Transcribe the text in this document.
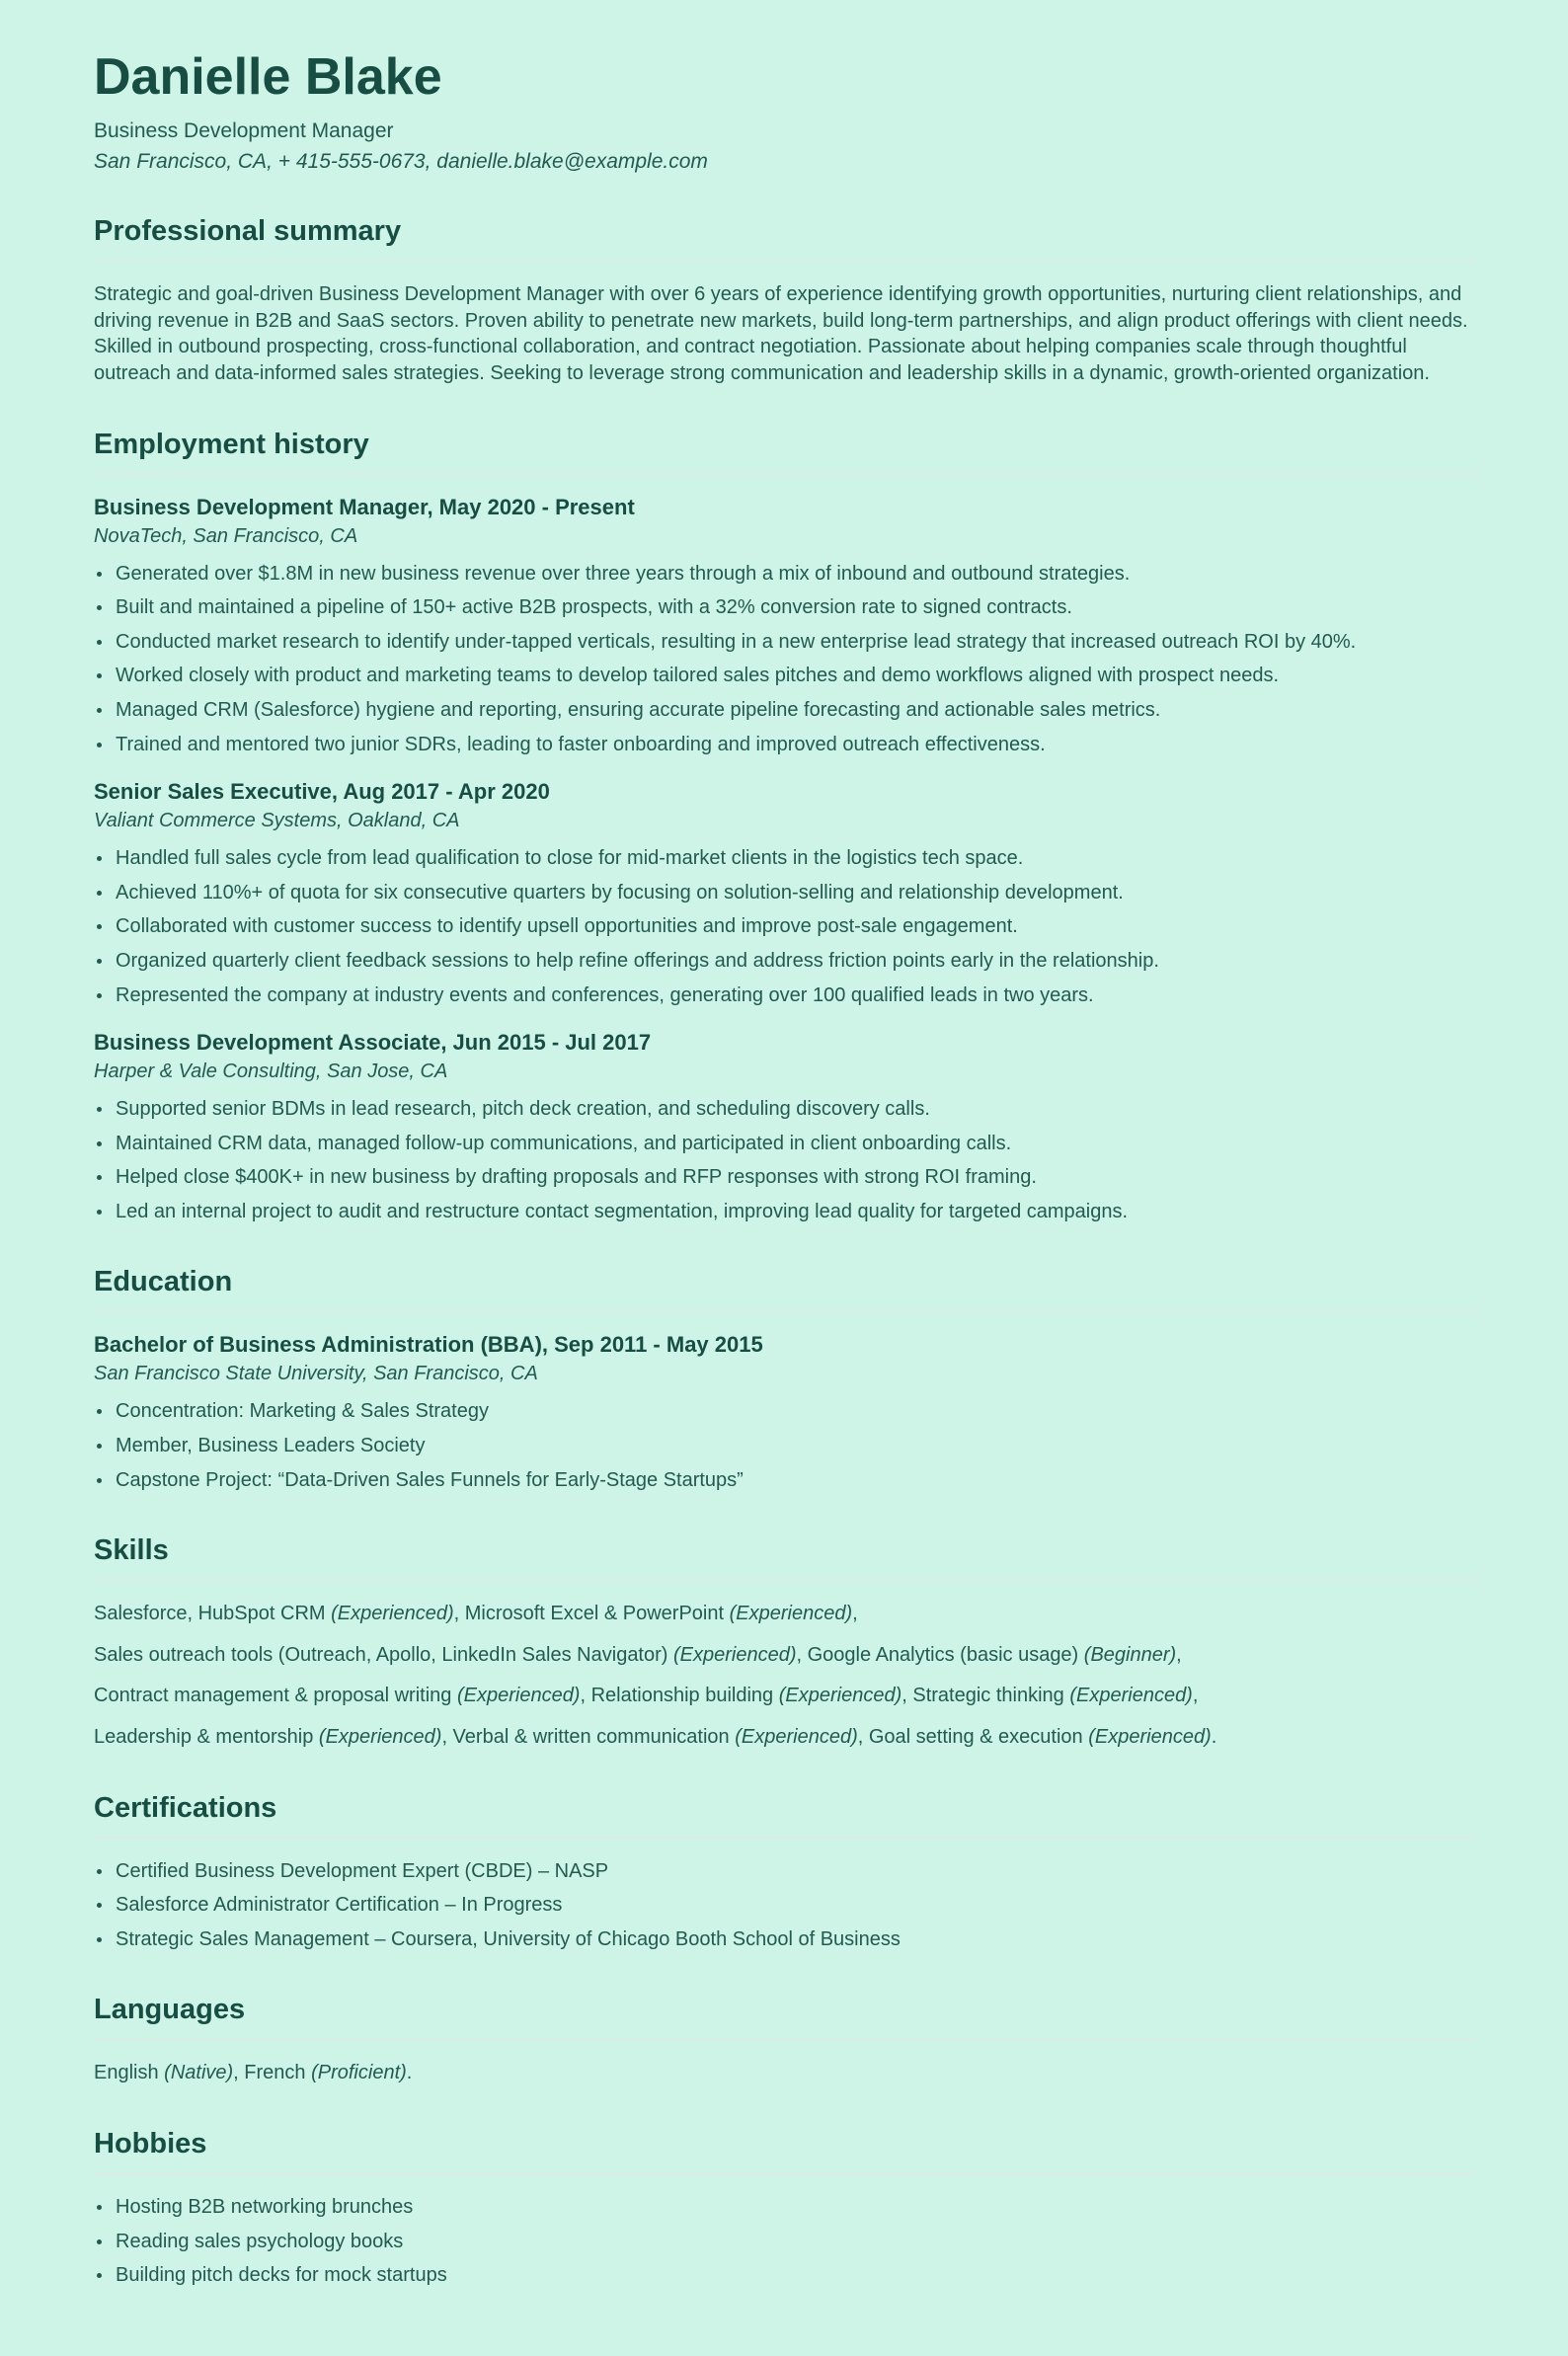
Danielle Blake

Business Development Manager

San Francisco, CA, + 415-555-0673, danielle.blake@example.com

Professional summary

Strategic and goal-driven Business Development Manager with over 6 years of experience identifying growth opportunities, nurturing client relationships, and driving revenue in B2B and SaaS sectors. Proven ability to penetrate new markets, build long-term partnerships, and align product offerings with client needs. Skilled in outbound prospecting, cross-functional collaboration, and contract negotiation. Passionate about helping companies scale through thoughtful outreach and data-informed sales strategies. Seeking to leverage strong communication and leadership skills in a dynamic, growth-oriented organization.

Employment history

Business Development Manager, May 2020 - Present

NovaTech, San Francisco, CA

Generated over $1.8M in new business revenue over three years through a mix of inbound and outbound strategies.
Built and maintained a pipeline of 150+ active B2B prospects, with a 32% conversion rate to signed contracts.
Conducted market research to identify under-tapped verticals, resulting in a new enterprise lead strategy that increased outreach ROI by 40%.
Worked closely with product and marketing teams to develop tailored sales pitches and demo workflows aligned with prospect needs.
Managed CRM (Salesforce) hygiene and reporting, ensuring accurate pipeline forecasting and actionable sales metrics.
Trained and mentored two junior SDRs, leading to faster onboarding and improved outreach effectiveness.

Senior Sales Executive, Aug 2017 - Apr 2020

Valiant Commerce Systems, Oakland, CA

Handled full sales cycle from lead qualification to close for mid-market clients in the logistics tech space.
Achieved 110%+ of quota for six consecutive quarters by focusing on solution-selling and relationship development.
Collaborated with customer success to identify upsell opportunities and improve post-sale engagement.
Organized quarterly client feedback sessions to help refine offerings and address friction points early in the relationship.
Represented the company at industry events and conferences, generating over 100 qualified leads in two years.

Business Development Associate, Jun 2015 - Jul 2017

Harper & Vale Consulting, San Jose, CA

Supported senior BDMs in lead research, pitch deck creation, and scheduling discovery calls.
Maintained CRM data, managed follow-up communications, and participated in client onboarding calls.
Helped close $400K+ in new business by drafting proposals and RFP responses with strong ROI framing.
Led an internal project to audit and restructure contact segmentation, improving lead quality for targeted campaigns.
Education

Bachelor of Business Administration (BBA), Sep 2011 - May 2015

San Francisco State University, San Francisco, CA

Concentration: Marketing & Sales Strategy
Member, Business Leaders Society
Capstone Project: “Data-Driven Sales Funnels for Early-Stage Startups”
Skills

Salesforce, HubSpot CRM (Experienced), Microsoft Excel & PowerPoint (Experienced),

Sales outreach tools (Outreach, Apollo, LinkedIn Sales Navigator) (Experienced), Google Analytics (basic usage) (Beginner),

Contract management & proposal writing (Experienced), Relationship building (Experienced), Strategic thinking (Experienced),

Leadership & mentorship (Experienced), Verbal & written communication (Experienced), Goal setting & execution (Experienced).

Certifications
Certified Business Development Expert (CBDE) – NASP
Salesforce Administrator Certification – In Progress
Strategic Sales Management – Coursera, University of Chicago Booth School of Business
Languages

English (Native), French (Proficient).

Hobbies
Hosting B2B networking brunches
Reading sales psychology books
Building pitch decks for mock startups
